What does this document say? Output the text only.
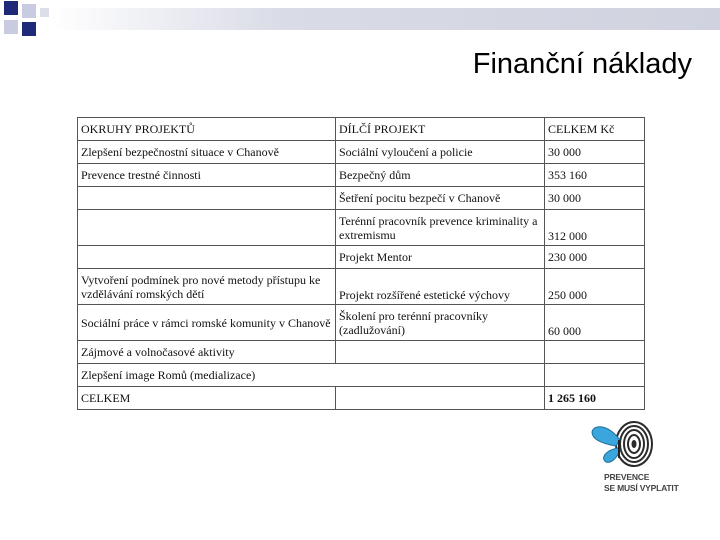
Finanční náklady
OKRUHY PROJEKTŮ	DÍLČÍ PROJEKT	CELKEM Kč
Zlepšení bezpečnostní situace v Chanově	Sociální vyloučení a policie	30 000
Prevence trestné činnosti	Bezpečný dům	353 160
	Šetření pocitu bezpečí v Chanově	30 000
	Terénní pracovník prevence kriminality a extremismu	312 000
	Projekt Mentor	230 000
Vytvoření podmínek pro nové metody přístupu ke vzdělávání romských dětí	Projekt rozšířené estetické výchovy	250 000
Sociální práce v rámci romské komunity v Chanově	Školení pro terénní pracovníky (zadlužování)	60 000
Zájmové a volnočasové aktivity		
Zlepšení image Romů (medializace)		
CELKEM		1 265 160
PREVENCE
SE MUSÍ VYPLATIT
